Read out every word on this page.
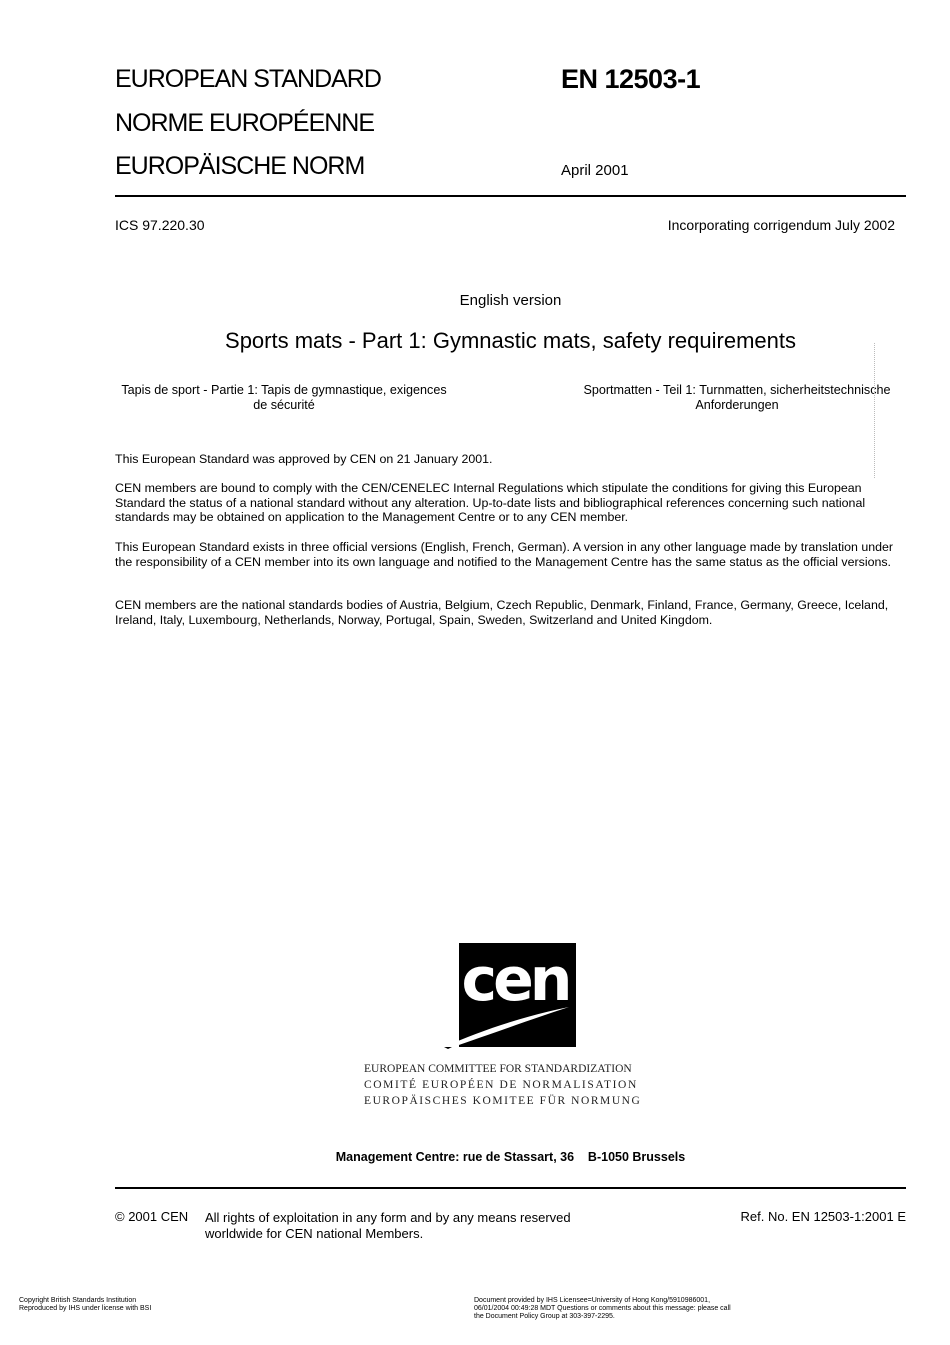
EUROPEAN STANDARD
NORME EUROPÉENNE
EUROPÄISCHE NORM
EN 12503-1
April 2001
ICS 97.220.30	Incorporating corrigendum July 2002
English version
Sports mats - Part 1: Gymnastic mats, safety requirements
Tapis de sport - Partie 1: Tapis de gymnastique, exigences
de sécurité
Sportmatten - Teil 1: Turnmatten, sicherheitstechnische
Anforderungen
This European Standard was approved by CEN on 21 January 2001.
CEN members are bound to comply with the CEN/CENELEC Internal Regulations which stipulate the conditions for giving this European Standard the status of a national standard without any alteration. Up-to-date lists and bibliographical references concerning such national standards may be obtained on application to the Management Centre or to any CEN member.
This European Standard exists in three official versions (English, French, German). A version in any other language made by translation under the responsibility of a CEN member into its own language and notified to the Management Centre has the same status as the official versions.
CEN members are the national standards bodies of Austria, Belgium, Czech Republic, Denmark, Finland, France, Germany, Greece, Iceland, Ireland, Italy, Luxembourg, Netherlands, Norway, Portugal, Spain, Sweden, Switzerland and United Kingdom.
cen
EUROPEAN COMMITTEE FOR STANDARDIZATION
COMITÉ EUROPÉEN DE NORMALISATION
EUROPÄISCHES KOMITEE FÜR NORMUNG
Management Centre: rue de Stassart, 36    B-1050 Brussels
© 2001 CEN All rights of exploitation in any form and by any means reserved
worldwide for CEN national Members.
Ref. No. EN 12503-1:2001 E
Copyright British Standards Institution
Reproduced by IHS under license with BSI
Document provided by IHS Licensee=University of Hong Kong/5910986001,
06/01/2004 00:49:28 MDT Questions or comments about this message: please call
the Document Policy Group at 303-397-2295.
